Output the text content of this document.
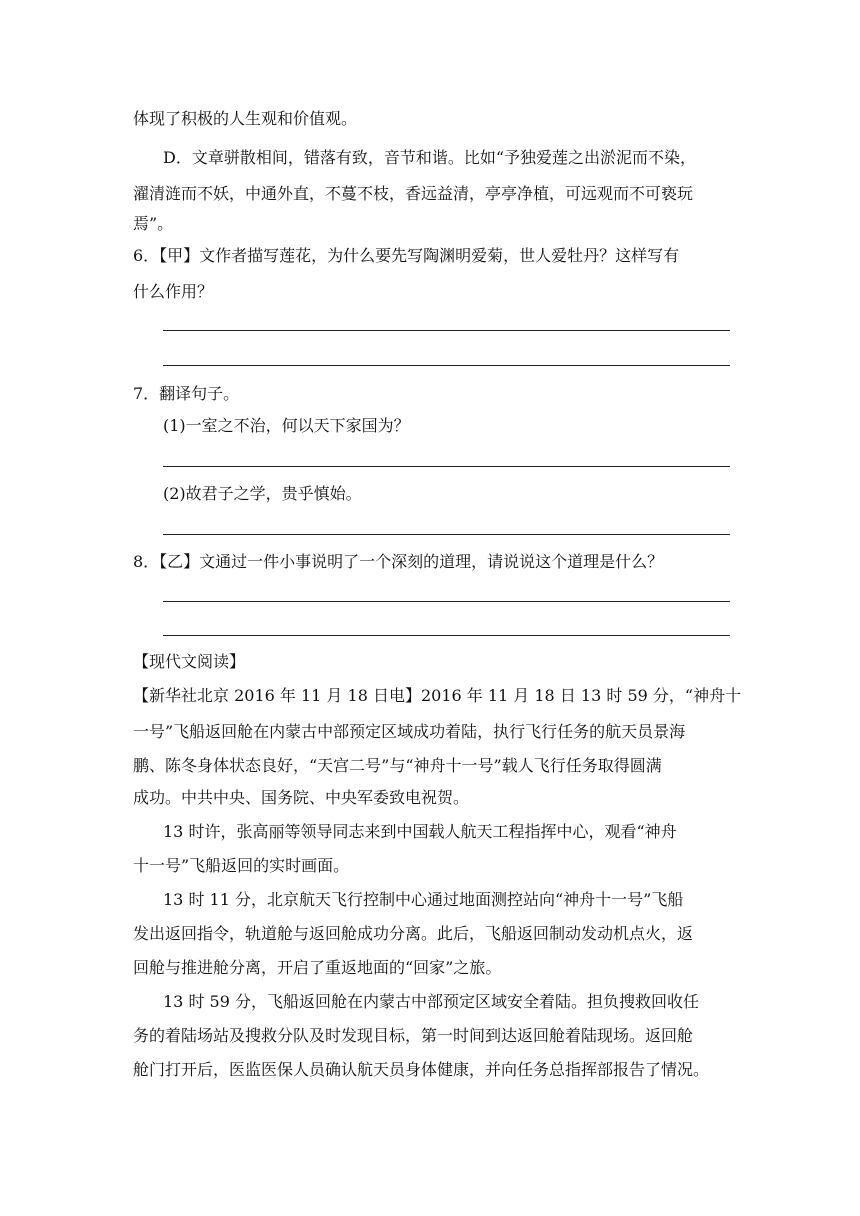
体现了积极的人生观和价值观。
D．文章骈散相间，错落有致，音节和谐。比如“予独爱莲之出淤泥而不染，
濯清涟而不妖，中通外直，不蔓不枝，香远益清，亭亭净植，可远观而不可亵玩
焉”。
6．【甲】文作者描写莲花，为什么要先写陶渊明爱菊，世人爱牡丹？这样写有
什么作用？
7．翻译句子。
(1)一室之不治，何以天下家国为？
(2)故君子之学，贵乎慎始。
8．【乙】文通过一件小事说明了一个深刻的道理，请说说这个道理是什么？
【现代文阅读】
【新华社北京 2016 年 11 月 18 日电】2016 年 11 月 18 日 13 时 59 分，“神舟十
一号”飞船返回舱在内蒙古中部预定区域成功着陆，执行飞行任务的航天员景海
鹏、陈冬身体状态良好，“天宫二号”与“神舟十一号”载人飞行任务取得圆满
成功。中共中央、国务院、中央军委致电祝贺。
13 时许，张高丽等领导同志来到中国载人航天工程指挥中心，观看“神舟
十一号”飞船返回的实时画面。
13 时 11 分，北京航天飞行控制中心通过地面测控站向“神舟十一号”飞船
发出返回指令，轨道舱与返回舱成功分离。此后，飞船返回制动发动机点火，返
回舱与推进舱分离，开启了重返地面的“回家”之旅。
13 时 59 分，飞船返回舱在内蒙古中部预定区域安全着陆。担负搜救回收任
务的着陆场站及搜救分队及时发现目标，第一时间到达返回舱着陆现场。返回舱
舱门打开后，医监医保人员确认航天员身体健康，并向任务总指挥部报告了情况。
